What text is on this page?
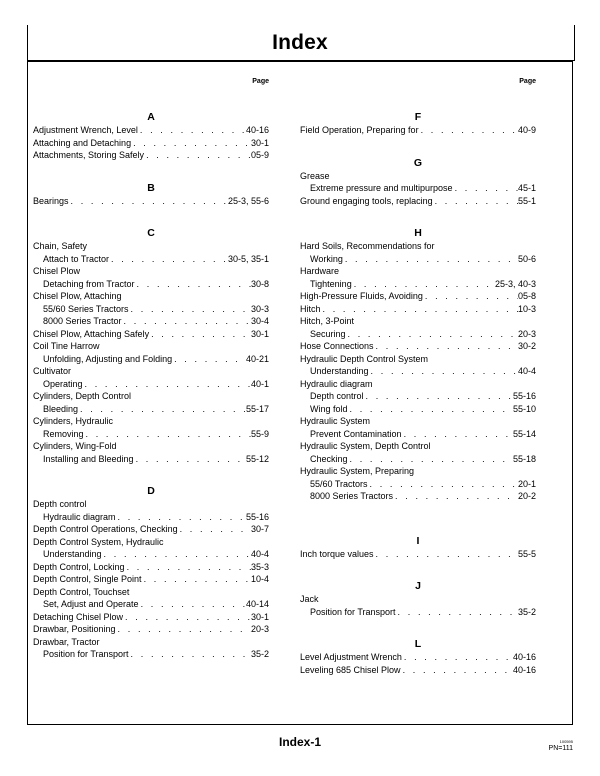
Index
Page
A
Adjustment Wrench, Level . . .	40-16
Attaching and Detaching . . .	30-1
Attachments, Storing Safely . . .	05-9
B
Bearings . . .	25-3, 55-6
C
Chain, Safety
Attach to Tractor . . .	30-5, 35-1
Chisel Plow
Detaching from Tractor . . .	30-8
Chisel Plow, Attaching
55/60 Series Tractors . . .	30-3
8000 Series Tractor . . .	30-4
Chisel Plow, Attaching Safely . . .	30-1
Coil Tine Harrow
Unfolding, Adjusting and Folding . . .	40-21
Cultivator
Operating . . .	40-1
Cylinders, Depth Control
Bleeding . . .	55-17
Cylinders, Hydraulic
Removing . . .	55-9
Cylinders, Wing-Fold
Installing and Bleeding . . .	55-12
D
Depth control
Hydraulic diagram . . .	55-16
Depth Control Operations, Checking . . .	30-7
Depth Control System, Hydraulic
Understanding . . .	40-4
Depth Control, Locking . . .	35-3
Depth Control, Single Point . . .	10-4
Depth Control, Touchset
Set, Adjust and Operate . . .	40-14
Detaching Chisel Plow . . .	30-1
Drawbar, Positioning . . .	20-3
Drawbar, Tractor
Position for Transport . . .	35-2
Page
F
Field Operation, Preparing for . . .	40-9
G
Grease
Extreme pressure and multipurpose . . .	45-1
Ground engaging tools, replacing . . .	55-1
H
Hard Soils, Recommendations for
Working . . .	50-6
Hardware
Tightening . . .	25-3, 40-3
High-Pressure Fluids, Avoiding . . .	05-8
Hitch . . .	10-3
Hitch, 3-Point
Securing . . .	20-3
Hose Connections . . .	30-2
Hydraulic Depth Control System
Understanding . . .	40-4
Hydraulic diagram
Depth control . . .	55-16
Wing fold . . .	55-10
Hydraulic System
Prevent Contamination . . .	55-14
Hydraulic System, Depth Control
Checking . . .	55-18
Hydraulic System, Preparing
55/60 Tractors . . .	20-1
8000 Series Tractors . . .	20-2
I
Inch torque values . . .	55-5
J
Jack
Position for Transport . . .	35-2
L
Level Adjustment Wrench . . .	40-16
Leveling 685 Chisel Plow . . .	40-16
Index-1	100595
PN=111
